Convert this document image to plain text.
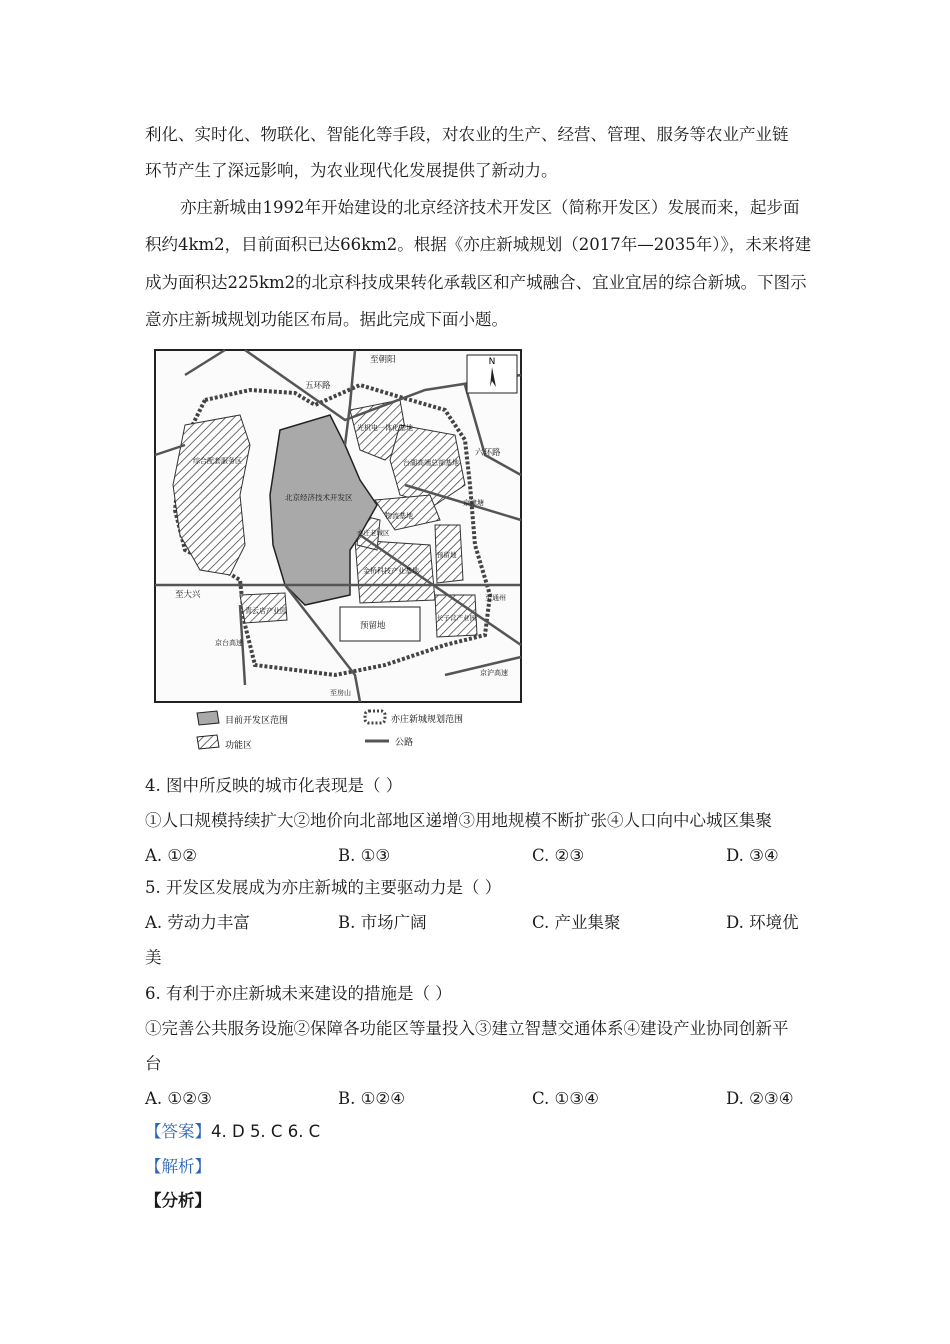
利化、实时化、物联化、智能化等手段，对农业的生产、经营、管理、服务等农业产业链
环节产生了深远影响，为农业现代化发展提供了新动力。
亦庄新城由1992年开始建设的北京经济技术开发区（简称开发区）发展而来，起步面
积约4km2，目前面积已达66km2。根据《亦庄新城规划（2017年—2035年）》，未来将建
成为面积达225km2的北京科技成果转化承载区和产城融合、宜业宜居的综合新城。下图示
意亦庄新城规划功能区布局。据此完成下面小题。
N
至朝阳
五环路
六环路
光机电一体化基地
台湖高端总部基地
京津塘
综合配套服务区
北京经济技术开发区
物流基地
亦庄老城区
预留地
金桥科技产业基地
至大兴
青云店产业园
京台高速
预留地
长子营产业园
至通州
京沪高速
至房山
目前开发区范围	亦庄新城规划范围
功能区	公路
4. 图中所反映的城市化表现是（ ）
①人口规模持续扩大②地价向北部地区递增③用地规模不断扩张④人口向中心城区集聚
A. ①②	B. ①③	C. ②③	D. ③④
5. 开发区发展成为亦庄新城的主要驱动力是（ ）
A. 劳动力丰富	B. 市场广阔	C. 产业集聚	D. 环境优
美
6. 有利于亦庄新城未来建设的措施是（ ）
①完善公共服务设施②保障各功能区等量投入③建立智慧交通体系④建设产业协同创新平
台
A. ①②③	B. ①②④	C. ①③④	D. ②③④
【答案】4. D 5. C 6. C
【解析】
【分析】
